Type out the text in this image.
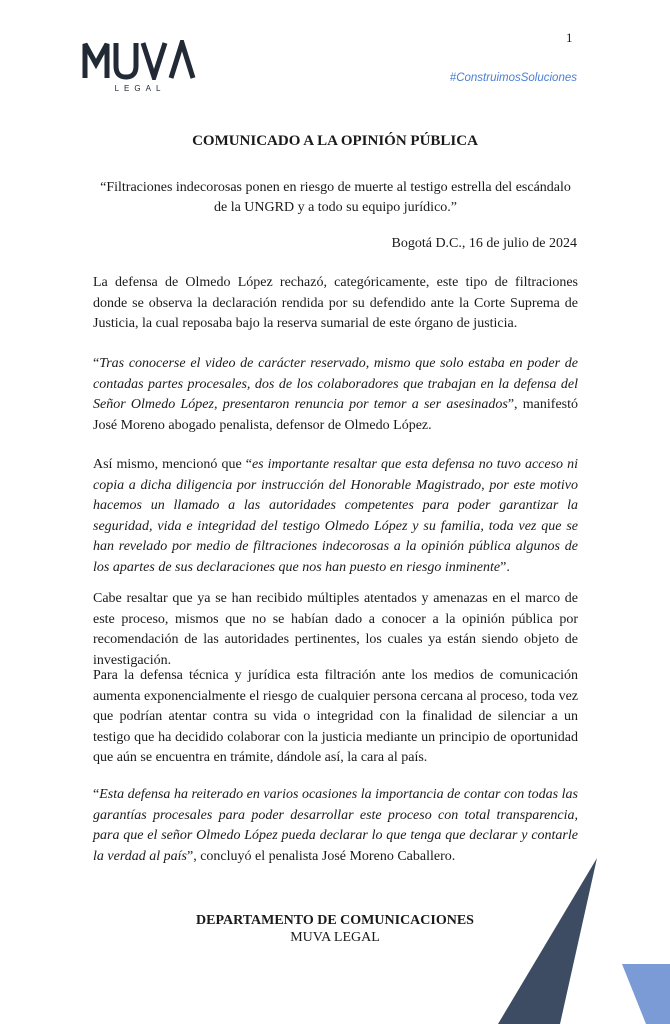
1
LEGAL
#ConstruimosSoluciones
COMUNICADO A LA OPINIÓN PÚBLICA
“Filtraciones indecorosas ponen en riesgo de muerte al testigo estrella del escándalo de la UNGRD y a todo su equipo jurídico.”
Bogotá D.C., 16 de julio de 2024

La defensa de Olmedo López rechazó, categóricamente, este tipo de filtraciones donde se observa la declaración rendida por su defendido ante la Corte Suprema de Justicia, la cual reposaba bajo la reserva sumarial de este órgano de justicia.

“Tras conocerse el video de carácter reservado, mismo que solo estaba en poder de contadas partes procesales, dos de los colaboradores que trabajan en la defensa del Señor Olmedo López, presentaron renuncia por temor a ser asesinados”, manifestó José Moreno abogado penalista, defensor de Olmedo López.

Así mismo, mencionó que “es importante resaltar que esta defensa no tuvo acceso ni copia a dicha diligencia por instrucción del Honorable Magistrado, por este motivo hacemos un llamado a las autoridades competentes para poder garantizar la seguridad, vida e integridad del testigo Olmedo López y su familia, toda vez que se han revelado por medio de filtraciones indecorosas a la opinión pública algunos de los apartes de sus declaraciones que nos han puesto en riesgo inminente”.

Cabe resaltar que ya se han recibido múltiples atentados y amenazas en el marco de este proceso, mismos que no se habían dado a conocer a la opinión pública por recomendación de las autoridades pertinentes, los cuales ya están siendo objeto de investigación.

Para la defensa técnica y jurídica esta filtración ante los medios de comunicación aumenta exponencialmente el riesgo de cualquier persona cercana al proceso, toda vez que podrían atentar contra su vida o integridad con la finalidad de silenciar a un testigo que ha decidido colaborar con la justicia mediante un principio de oportunidad que aún se encuentra en trámite, dándole así, la cara al país.

“Esta defensa ha reiterado en varios ocasiones la importancia de contar con todas las garantías procesales para poder desarrollar este proceso con total transparencia, para que el señor Olmedo López pueda declarar lo que tenga que declarar y contarle la verdad al país”, concluyó el penalista José Moreno Caballero.

DEPARTAMENTO DE COMUNICACIONES
MUVA LEGAL
